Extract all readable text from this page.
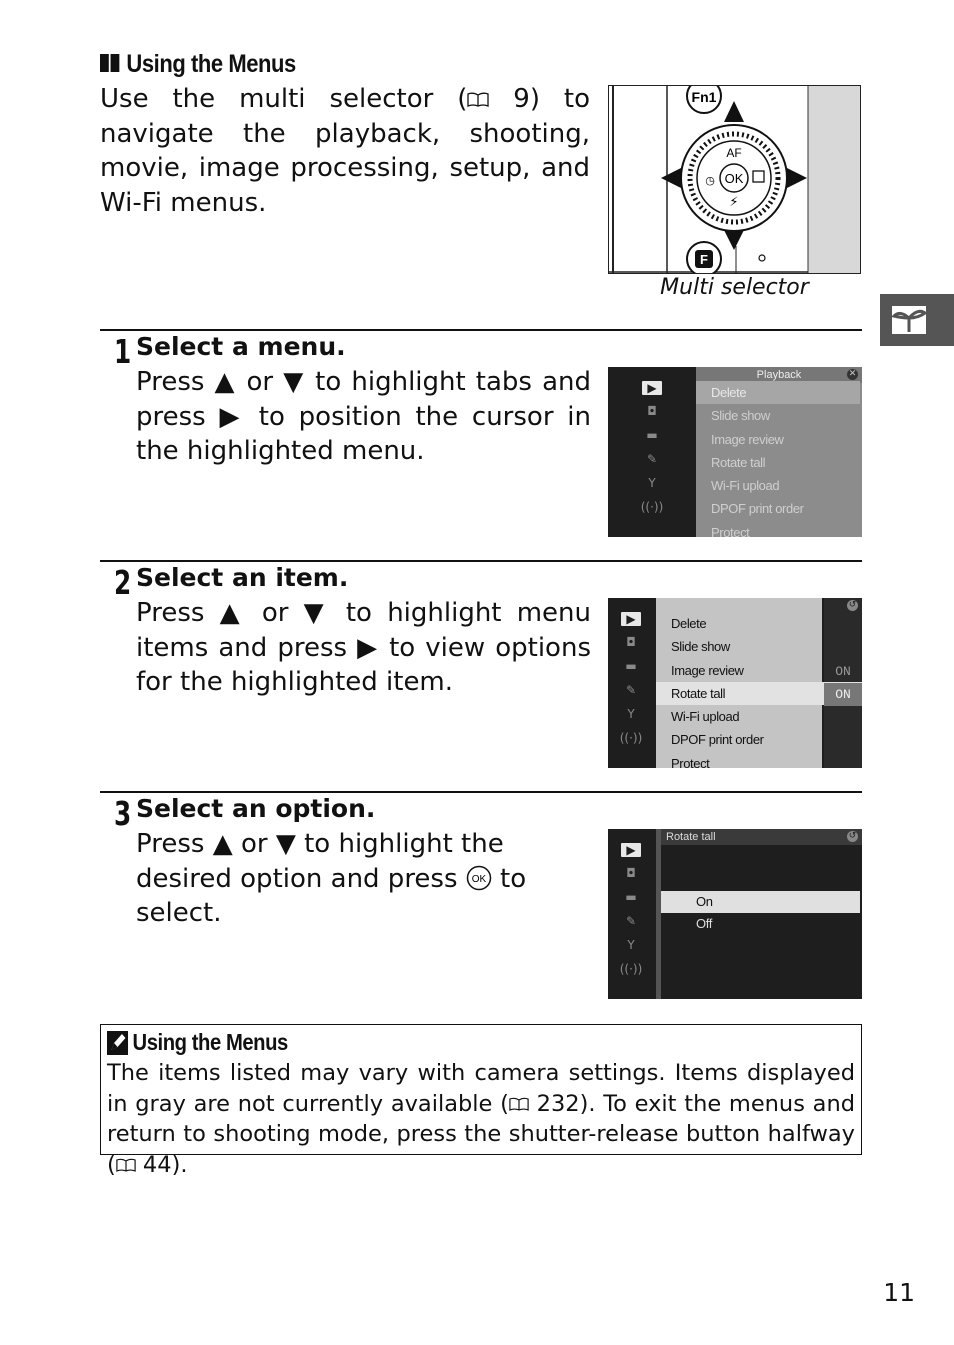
Using the Menus
Use the multi selector ( 9) to navigate the playback, shooting, movie, image processing, setup, and Wi-Fi menus.
Fn1
OK
AF
⚡
◷
F
Multi selector
1 Select a menu.
Press ▲ or ▼ to highlight tabs and press ▶ to position the cursor in the highlighted menu.
▶
◘
▬
✎
Y
((·))
Playback	✕
Delete
Slide show
Image review
Rotate tall
Wi-Fi upload
DPOF print order
Protect
2 Select an item.
Press ▲ or ▼ to highlight menu items and press ▶ to view options for the highlighted item.
▶
◘
▬
✎
Y
((·))
↺
Delete
Slide show
Image review
Rotate tall
Wi-Fi upload
DPOF print order
Protect
ON
ON
3 Select an option.
Press ▲ or ▼ to highlight the desired option and press OK to select.
▶
◘
▬
✎
Y
((·))
Rotate tall	↺
On
Off
Using the Menus
The items listed may vary with camera settings. Items displayed in gray are not currently available ( 232). To exit the menus and return to shooting mode, press the shutter-release button halfway ( 44).
11
